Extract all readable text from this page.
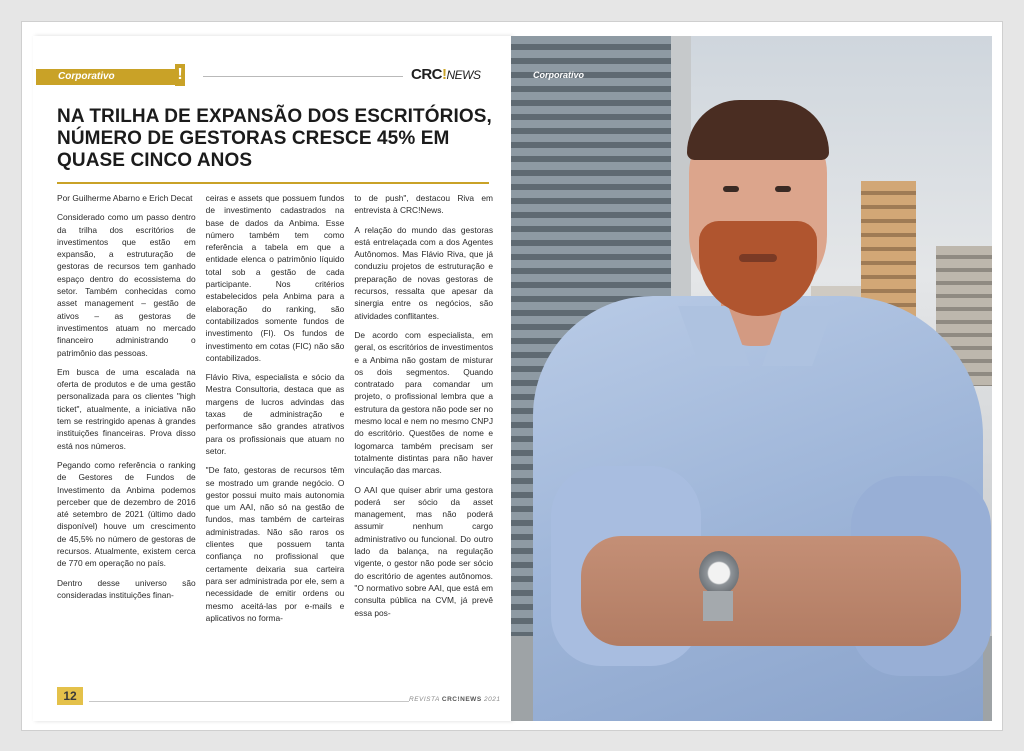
Corporativo	!	CRC!NEWS
NA TRILHA DE EXPANSÃO DOS ESCRITÓRIOS, NÚMERO DE GESTORAS CRESCE 45% EM QUASE CINCO ANOS

Por Guilherme Abarno e Erich Decat

Considerado como um passo dentro da trilha dos escritórios de investimentos que estão em expansão, a estruturação de gestoras de recursos tem ganhado espaço dentro do ecossistema do setor. Também conhecidas como asset management – gestão de ativos – as gestoras de investimentos atuam no mercado financeiro administrando o patrimônio das pessoas.

Em busca de uma escalada na oferta de produtos e de uma gestão personalizada para os clientes "high ticket", atualmente, a iniciativa não tem se restringido apenas à grandes instituições financeiras. Prova disso está nos números.

Pegando como referência o ranking de Gestores de Fundos de Investimento da Anbima podemos perceber que de dezembro de 2016 até setembro de 2021 (último dado disponível) houve um crescimento de 45,5% no número de gestoras de recursos. Atualmente, existem cerca de 770 em operação no país.

Dentro desse universo são consideradas instituições finan-

ceiras e assets que possuem fundos de investimento cadastrados na base de dados da Anbima. Esse número também tem como referência a tabela em que a entidade elenca o patrimônio líquido total sob a gestão de cada participante. Nos critérios estabelecidos pela Anbima para a elaboração do ranking, são contabilizados somente fundos de investimento (FI). Os fundos de investimento em cotas (FIC) não são contabilizados.

Flávio Riva, especialista e sócio da Mestra Consultoria, destaca que as margens de lucros advindas das taxas de administração e performance são grandes atrativos para os profissionais que atuam no setor.

"De fato, gestoras de recursos têm se mostrado um grande negócio. O gestor possui muito mais autonomia que um AAI, não só na gestão de fundos, mas também de carteiras administradas. Não são raros os clientes que possuem tanta confiança no profissional que certamente deixaria sua carteira para ser administrada por ele, sem a necessidade de emitir ordens ou mesmo aceitá-las por e-mails e aplicativos no forma-

to de push", destacou Riva em entrevista à CRC!News.

A relação do mundo das gestoras está entrelaçada com a dos Agentes Autônomos. Mas Flávio Riva, que já conduziu projetos de estruturação e preparação de novas gestoras de recursos, ressalta que apesar da sinergia entre os negócios, são atividades conflitantes.

De acordo com especialista, em geral, os escritórios de investimentos e a Anbima não gostam de misturar os dois segmentos. Quando contratado para comandar um projeto, o profissional lembra que a estrutura da gestora não pode ser no mesmo local e nem no mesmo CNPJ do escritório. Questões de nome e logomarca também precisam ser totalmente distintas para não haver vinculação das marcas.

O AAI que quiser abrir uma gestora poderá ser sócio da asset management, mas não poderá assumir nenhum cargo administrativo ou funcional. Do outro lado da balança, na regulação vigente, o gestor não pode ser sócio do escritório de agentes autônomos. "O normativo sobre AAI, que está em consulta pública na CVM, já prevê essa pos-

12	REVISTA CRC!NEWS 2021
Corporativo
